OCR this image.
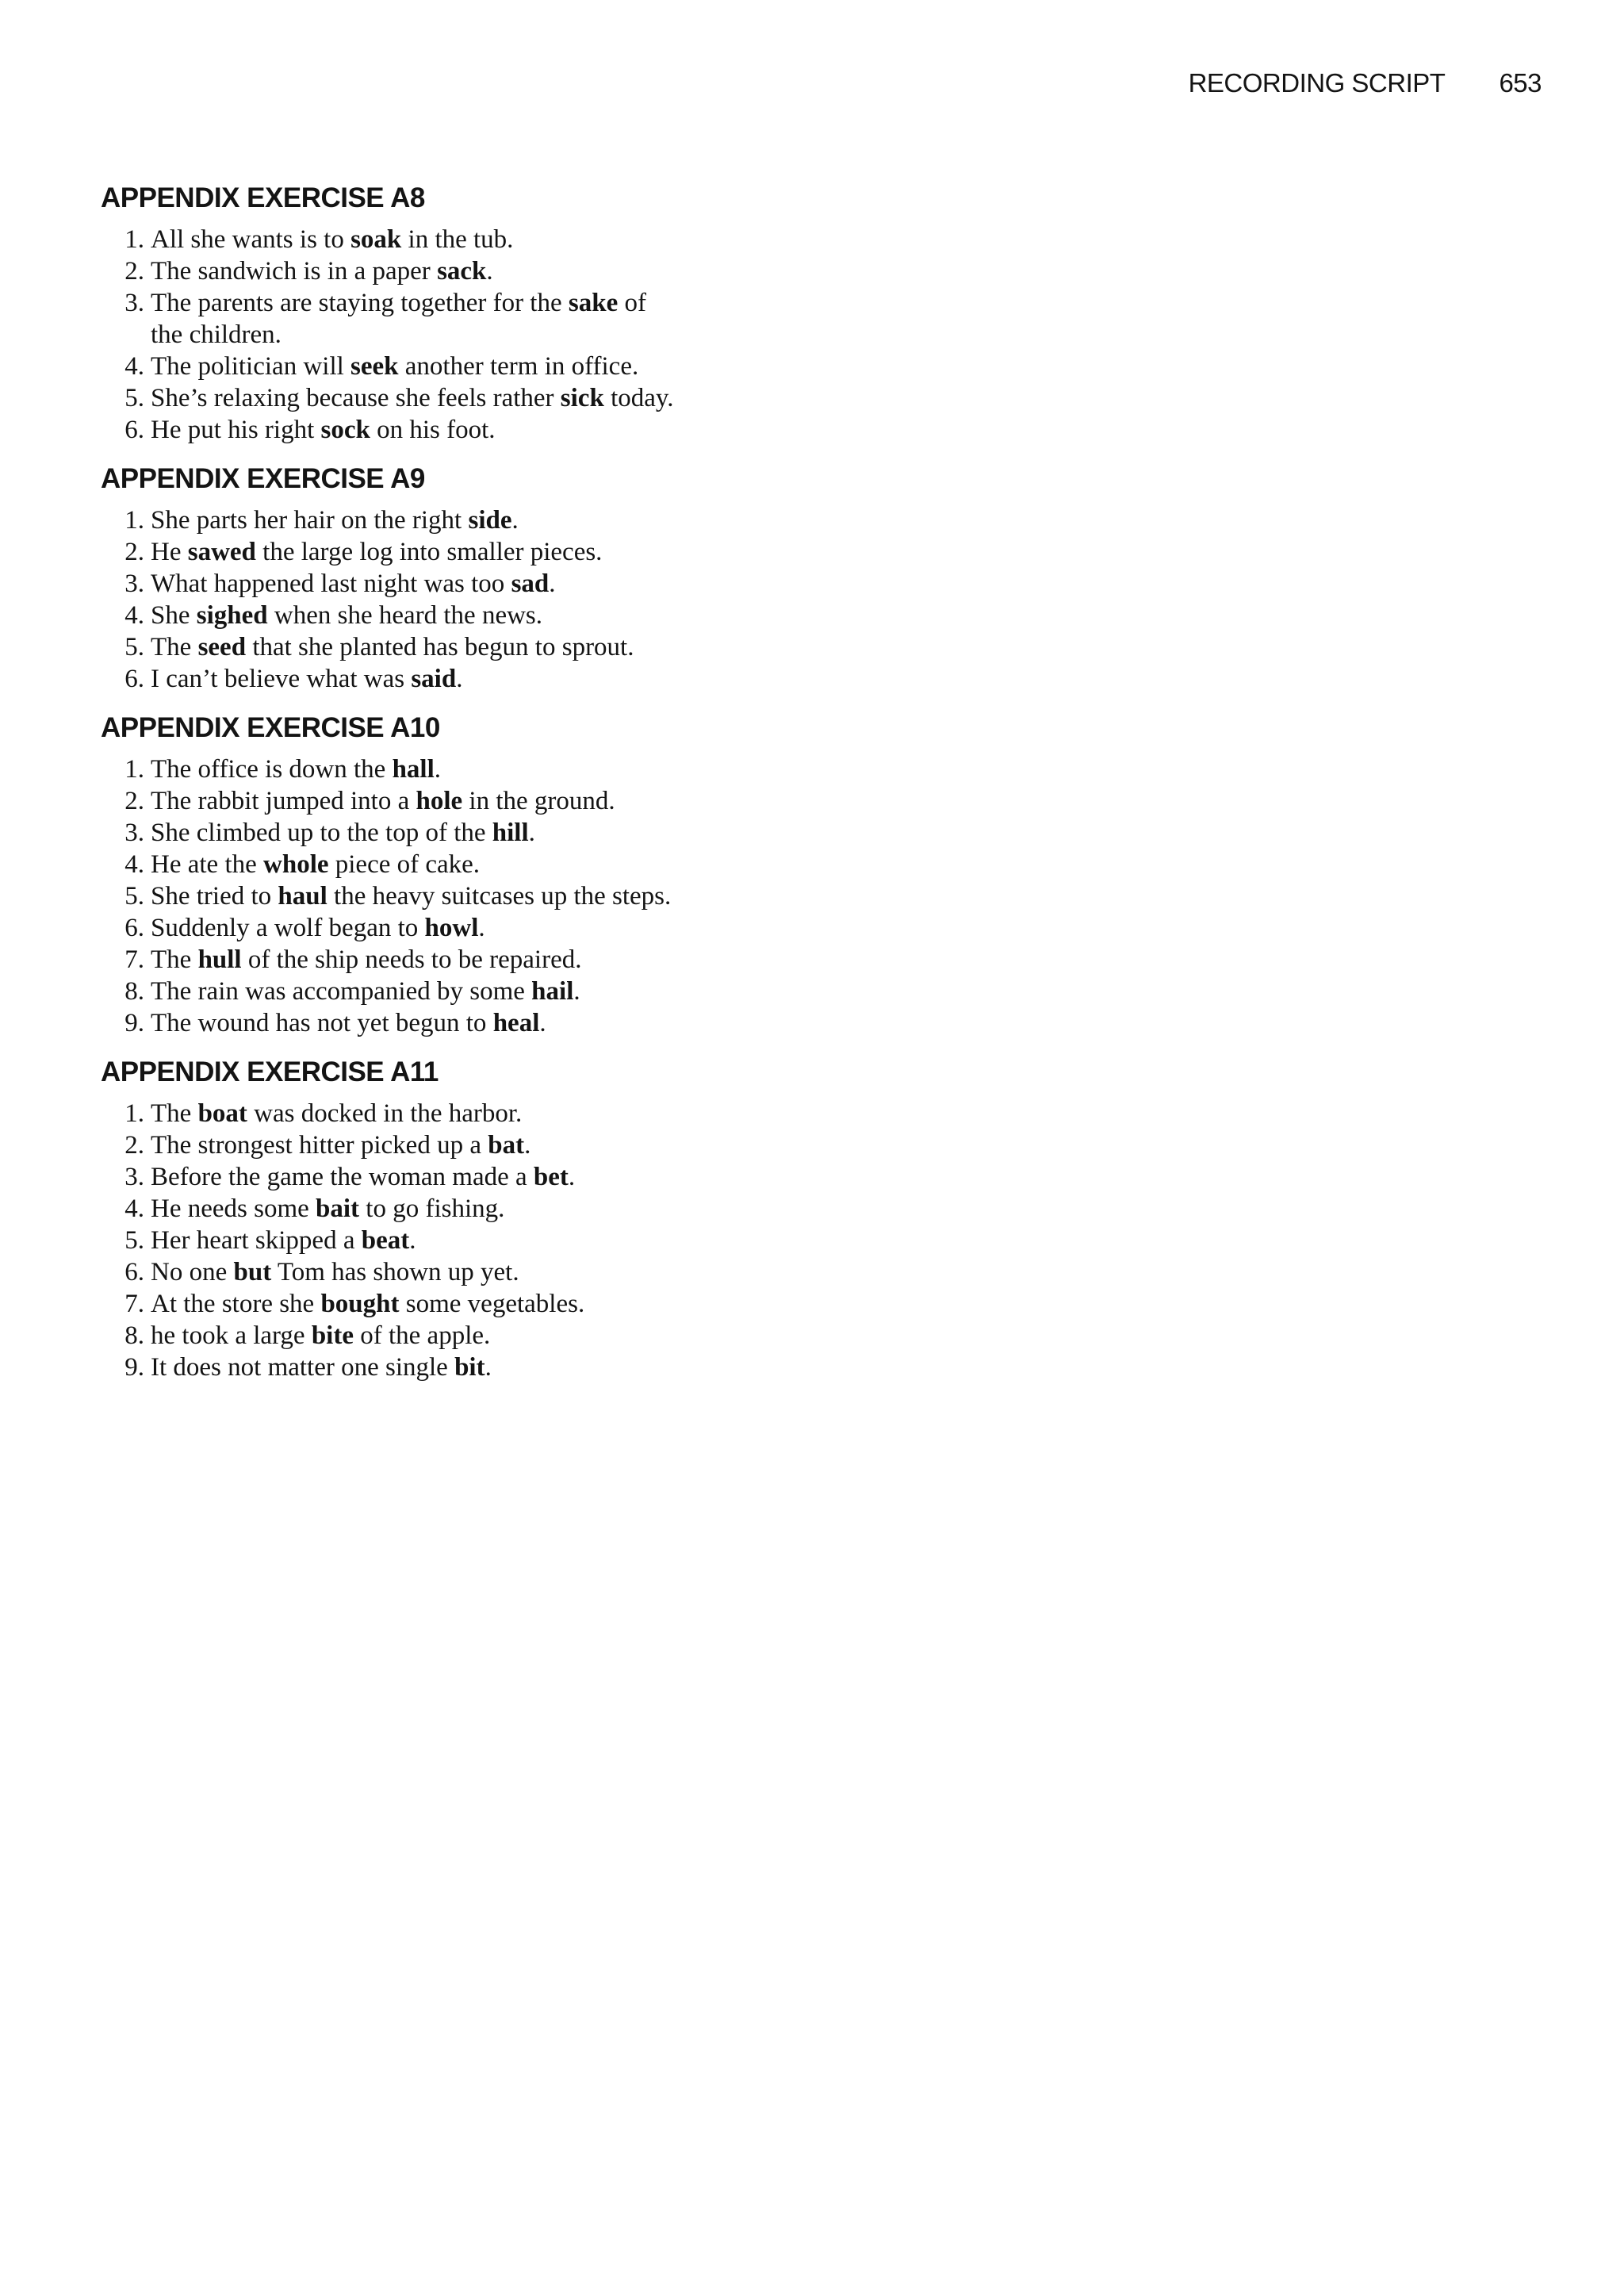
RECORDING SCRIPT 653
APPENDIX EXERCISE A8
1. All she wants is to soak in the tub.
2. The sandwich is in a paper sack.
3. The parents are staying together for the sake of
the children.
4. The politician will seek another term in office.
5. She’s relaxing because she feels rather sick today.
6. He put his right sock on his foot.
APPENDIX EXERCISE A9
1. She parts her hair on the right side.
2. He sawed the large log into smaller pieces.
3. What happened last night was too sad.
4. She sighed when she heard the news.
5. The seed that she planted has begun to sprout.
6. I can’t believe what was said.
APPENDIX EXERCISE A10
1. The office is down the hall.
2. The rabbit jumped into a hole in the ground.
3. She climbed up to the top of the hill.
4. He ate the whole piece of cake.
5. She tried to haul the heavy suitcases up the steps.
6. Suddenly a wolf began to howl.
7. The hull of the ship needs to be repaired.
8. The rain was accompanied by some hail.
9. The wound has not yet begun to heal.
APPENDIX EXERCISE A11
1. The boat was docked in the harbor.
2. The strongest hitter picked up a bat.
3. Before the game the woman made a bet.
4. He needs some bait to go fishing.
5. Her heart skipped a beat.
6. No one but Tom has shown up yet.
7. At the store she bought some vegetables.
8. he took a large bite of the apple.
9. It does not matter one single bit.
